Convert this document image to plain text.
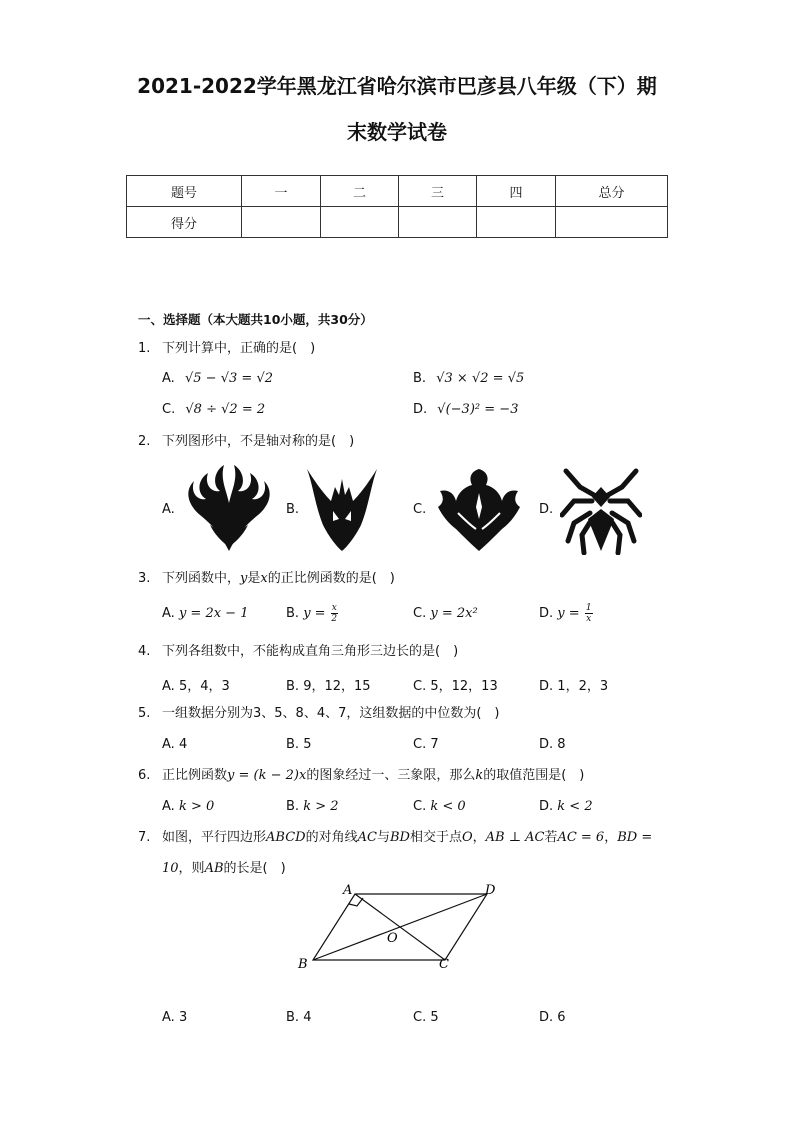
2021-2022学年黑龙江省哈尔滨市巴彦县八年级（下）期
末数学试卷
题号	一	二	三	四	总分
得分					
一、选择题（本大题共10小题，共30分）
1. 下列计算中，正确的是(　)
A. √5 − √3 = √2	B. √3 × √2 = √5
C. √8 ÷ √2 = 2	D. √(−3)² = −3
2. 下列图形中，不是轴对称的是(　)
A.	B.	C.	D.
3. 下列函数中，y是x的正比例函数的是(　)
A. y = 2x − 1	B. $y = \frac{x}{2}$	C. y = 2x²	D. $y = \frac{1}{x}$
4. 下列各组数中，不能构成直角三角形三边长的是(　)
A. 5，4，3	B. 9，12，15	C. 5，12，13	D. 1，2，3
5. 一组数据分别为3、5、8、4、7，这组数据的中位数为(　)
A. 4	B. 5	C. 7	D. 8
6. 正比例函数y = (k − 2)x的图象经过一、三象限，那么k的取值范围是(　)
A. k > 0	B. k > 2	C. k < 0	D. k < 2
7. 如图，平行四边形ABCD的对角线AC与BD相交于点O，AB ⊥ AC若AC = 6，BD =
10，则AB的长是(　)
A	D
B	C
O
A. 3	B. 4	C. 5	D. 6
